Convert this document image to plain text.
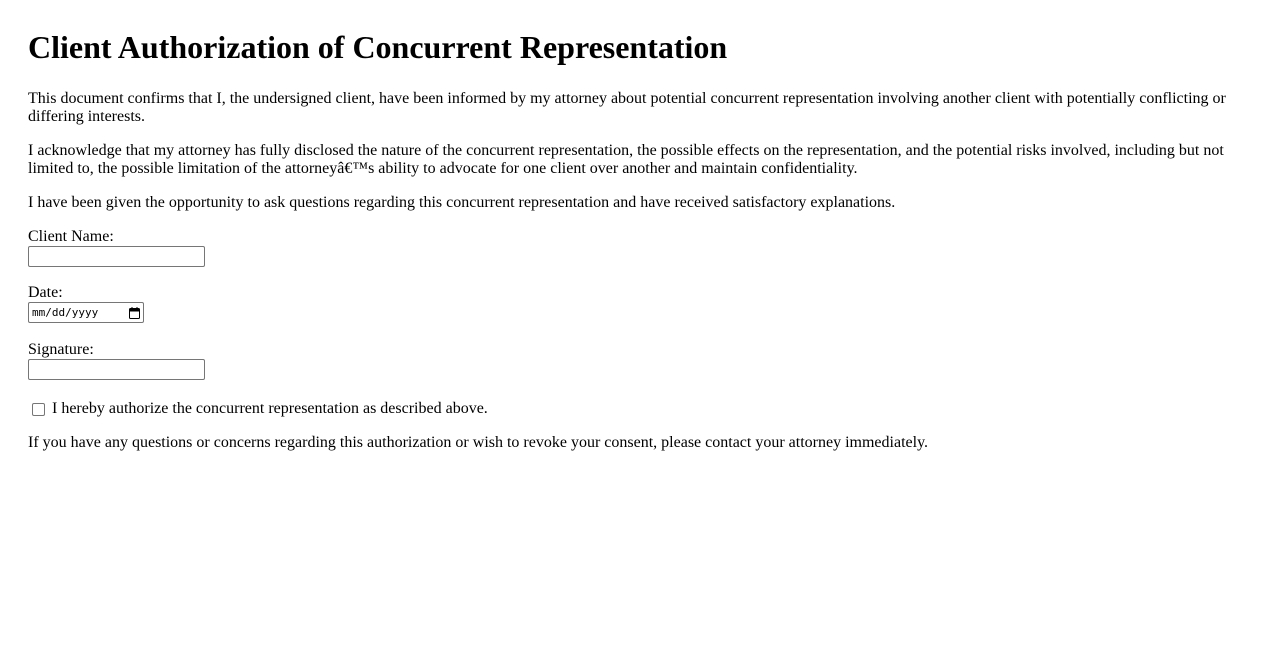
Client Authorization of Concurrent Representation

This document confirms that I, the undersigned client, have been informed by my attorney about potential concurrent representation involving another client with potentially conflicting or differing interests.

I acknowledge that my attorney has fully disclosed the nature of the concurrent representation, the possible effects on the representation, and the potential risks involved, including but not limited to, the possible limitation of the attorneyâ€™s ability to advocate for one client over another and maintain confidentiality.

I have been given the opportunity to ask questions regarding this concurrent representation and have received satisfactory explanations.

Client Name:
Date:
mm/dd/yyyy
Signature:
I hereby authorize the concurrent representation as described above.

If you have any questions or concerns regarding this authorization or wish to revoke your consent, please contact your attorney immediately.
